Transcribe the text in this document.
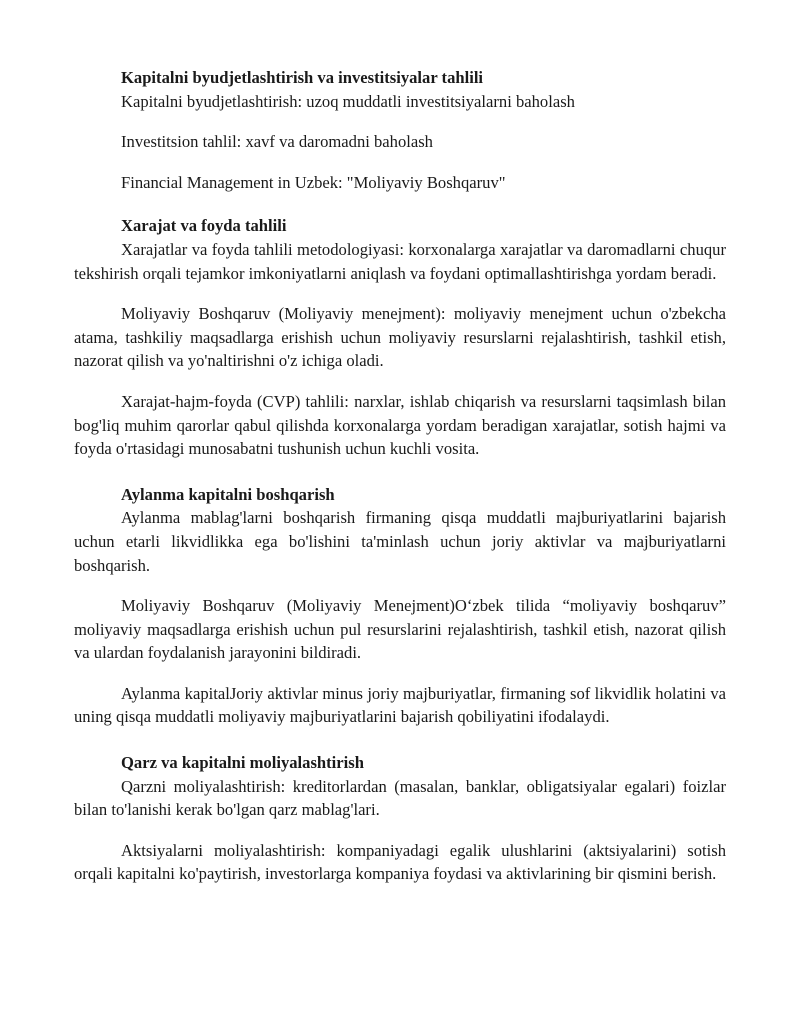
Kapitalni byudjetlashtirish va investitsiyalar tahlili

Kapitalni byudjetlashtirish: uzoq muddatli investitsiyalarni baholash

Investitsion tahlil: xavf va daromadni baholash

Financial Management in Uzbek: "Moliyaviy Boshqaruv"

Xarajat va foyda tahlili

Xarajatlar va foyda tahlili metodologiyasi: korxonalarga xarajatlar va daromadlarni chuqur tekshirish orqali tejamkor imkoniyatlarni aniqlash va foydani optimallashtirishga yordam beradi.

Moliyaviy Boshqaruv (Moliyaviy menejment): moliyaviy menejment uchun o'zbekcha atama, tashkiliy maqsadlarga erishish uchun moliyaviy resurslarni rejalashtirish, tashkil etish, nazorat qilish va yo'naltirishni o'z ichiga oladi.

Xarajat-hajm-foyda (CVP) tahlili: narxlar, ishlab chiqarish va resurslarni taqsimlash bilan bog'liq muhim qarorlar qabul qilishda korxonalarga yordam beradigan xarajatlar, sotish hajmi va foyda o'rtasidagi munosabatni tushunish uchun kuchli vosita.

Aylanma kapitalni boshqarish

Aylanma mablag'larni boshqarish firmaning qisqa muddatli majburiyatlarini bajarish uchun etarli likvidlikka ega bo'lishini ta'minlash uchun joriy aktivlar va majburiyatlarni boshqarish.

Moliyaviy Boshqaruv (Moliyaviy Menejment)O‘zbek tilida “moliyaviy boshqaruv” moliyaviy maqsadlarga erishish uchun pul resurslarini rejalashtirish, tashkil etish, nazorat qilish va ulardan foydalanish jarayonini bildiradi.

Aylanma kapitalJoriy aktivlar minus joriy majburiyatlar, firmaning sof likvidlik holatini va uning qisqa muddatli moliyaviy majburiyatlarini bajarish qobiliyatini ifodalaydi.

Qarz va kapitalni moliyalashtirish

Qarzni moliyalashtirish: kreditorlardan (masalan, banklar, obligatsiyalar egalari) foizlar bilan to'lanishi kerak bo'lgan qarz mablag'lari.

Aktsiyalarni moliyalashtirish: kompaniyadagi egalik ulushlarini (aktsiyalarini) sotish orqali kapitalni ko'paytirish, investorlarga kompaniya foydasi va aktivlarining bir qismini berish.
